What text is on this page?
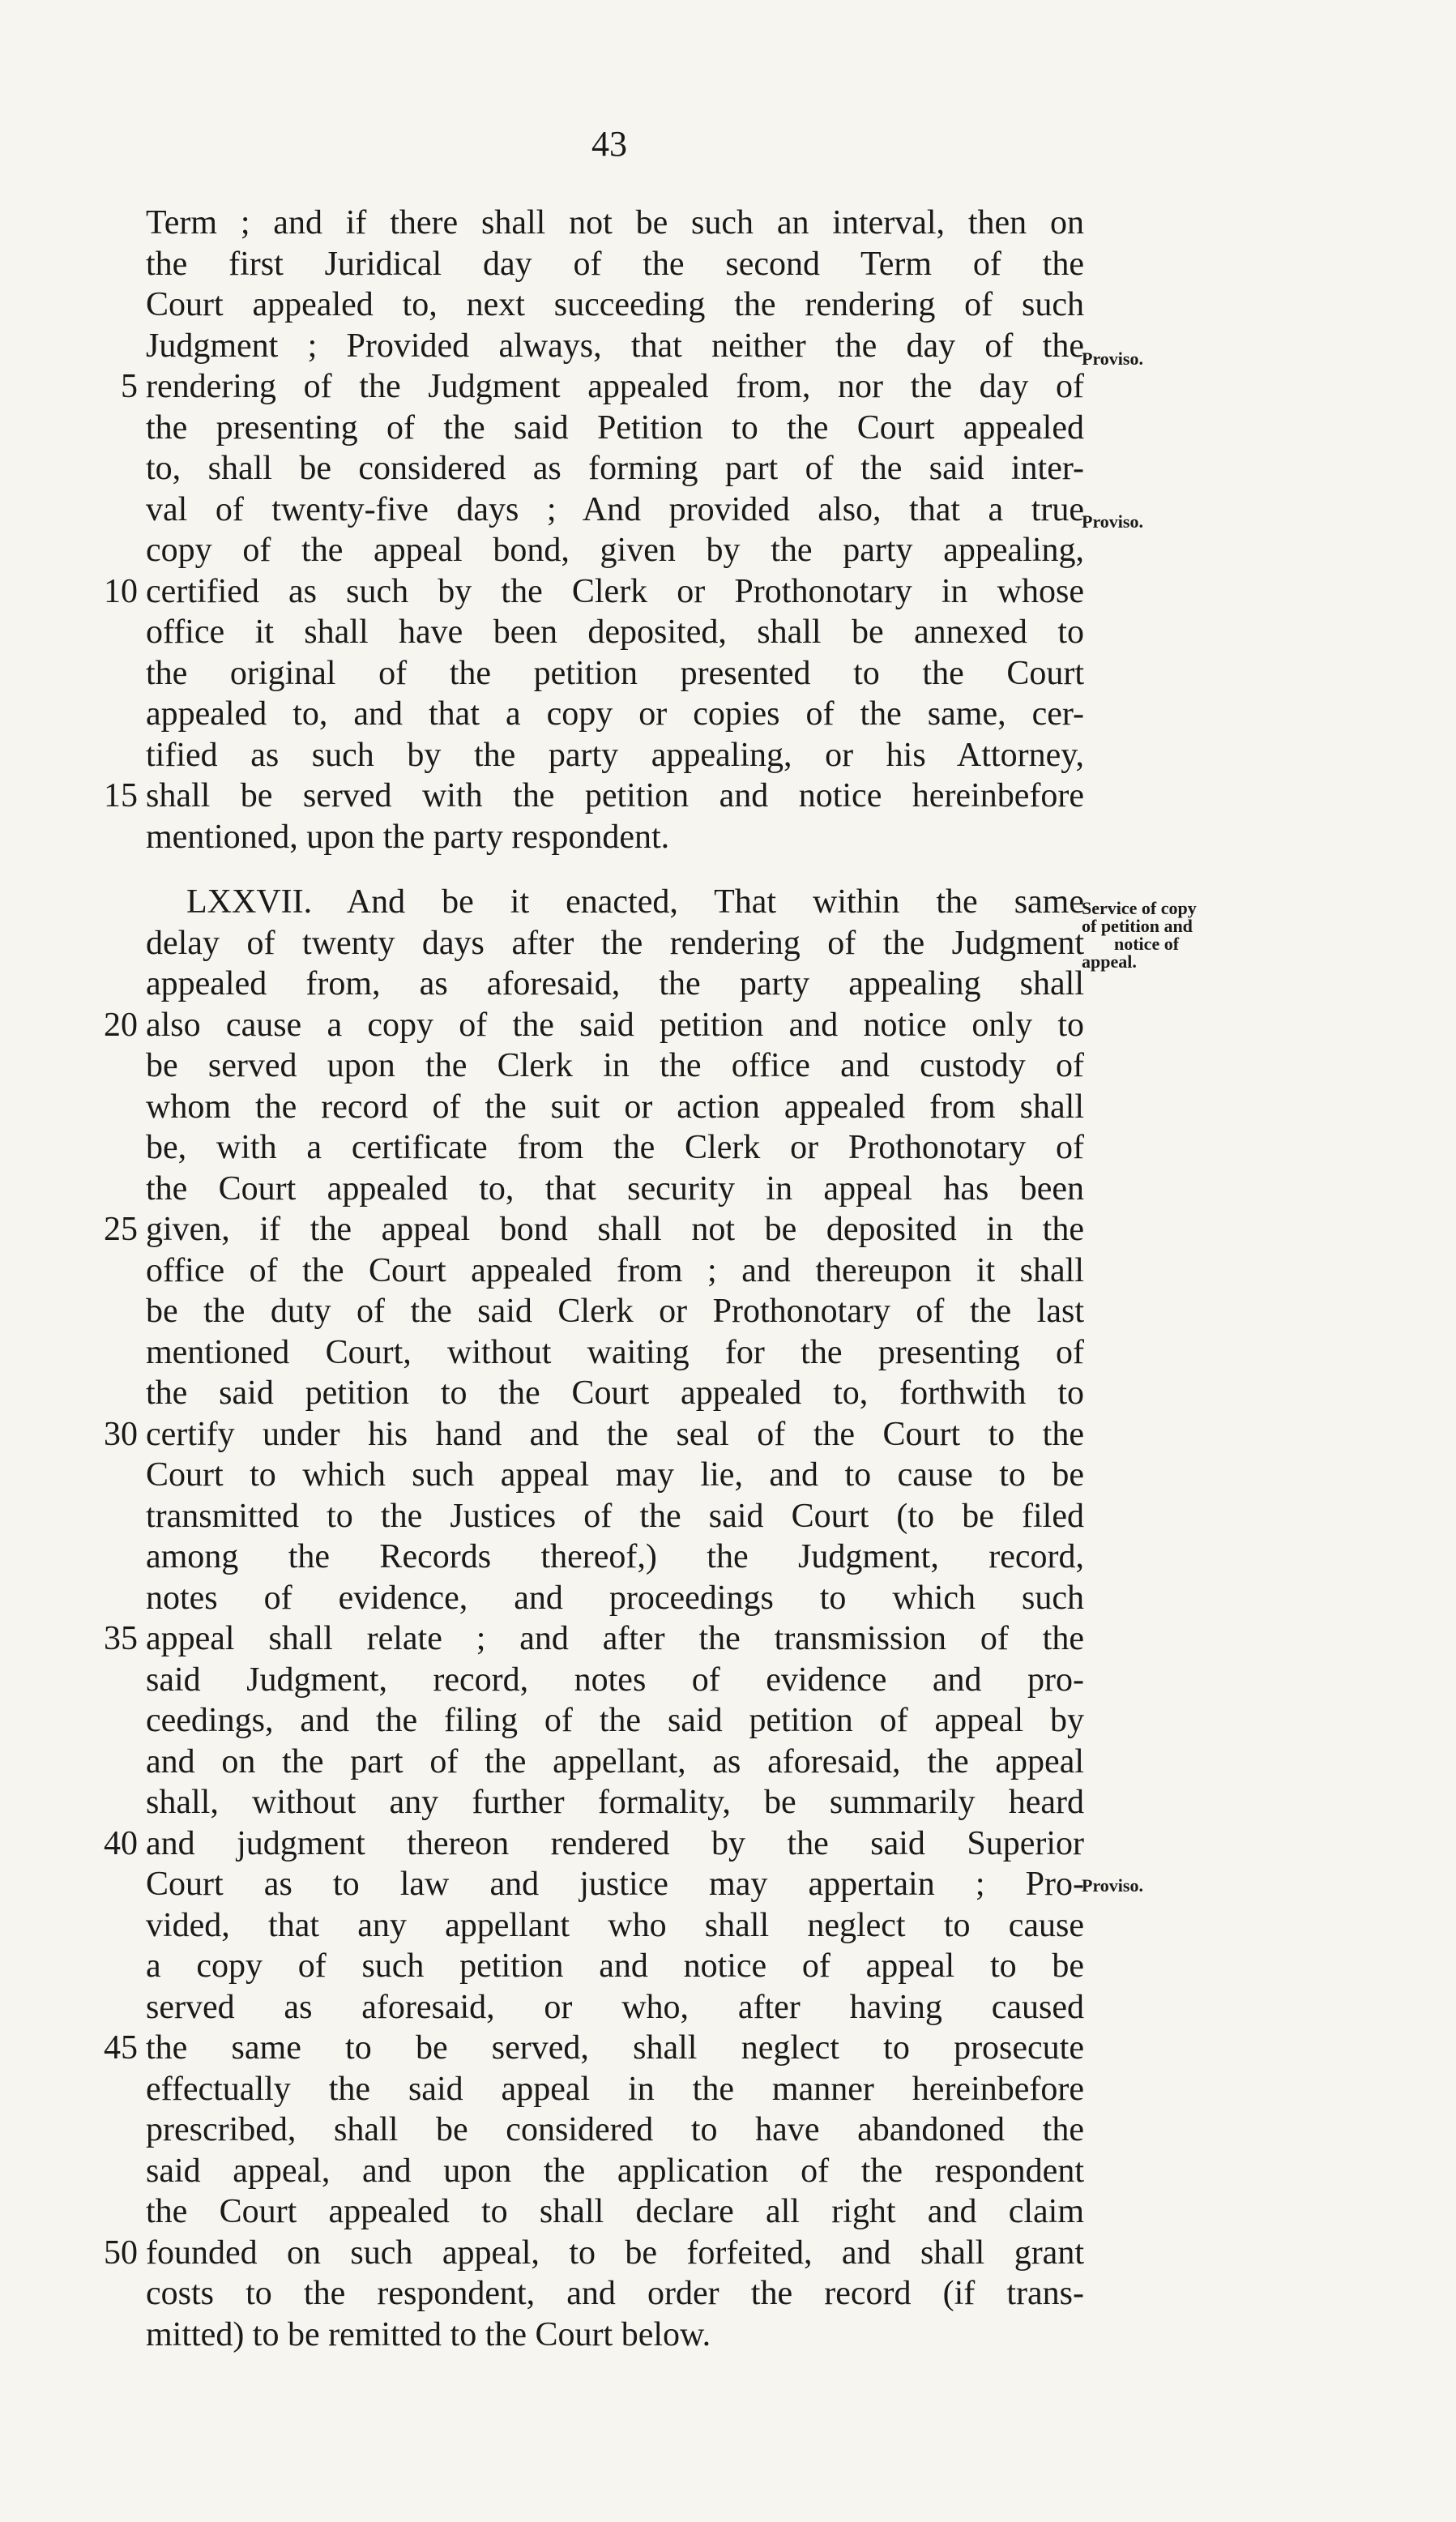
43
Term ; and if there shall not be such an interval, then on
the first Juridical day of the second Term of the
Court appealed to, next succeeding the rendering of such
Judgment ; Provided always, that neither the day of the
5 rendering of the Judgment appealed from, nor the day of
the presenting of the said Petition to the Court appealed
to, shall be considered as forming part of the said inter-
val of twenty-five days ; And provided also, that a true
copy of the appeal bond, given by the party appealing,
10 certified as such by the Clerk or Prothonotary in whose
office it shall have been deposited, shall be annexed to
the original of the petition presented to the Court
appealed to, and that a copy or copies of the same, cer-
tified as such by the party appealing, or his Attorney,
15 shall be served with the petition and notice hereinbefore
mentioned, upon the party respondent.
LXXVII. And be it enacted, That within the same
delay of twenty days after the rendering of the Judgment
appealed from, as aforesaid, the party appealing shall
20 also cause a copy of the said petition and notice only to
be served upon the Clerk in the office and custody of
whom the record of the suit or action appealed from shall
be, with a certificate from the Clerk or Prothonotary of
the Court appealed to, that security in appeal has been
25 given, if the appeal bond shall not be deposited in the
office of the Court appealed from ; and thereupon it shall
be the duty of the said Clerk or Prothonotary of the last
mentioned Court, without waiting for the presenting of
the said petition to the Court appealed to, forthwith to
30 certify under his hand and the seal of the Court to the
Court to which such appeal may lie, and to cause to be
transmitted to the Justices of the said Court (to be filed
among the Records thereof,) the Judgment, record,
notes of evidence, and proceedings to which such
35 appeal shall relate ; and after the transmission of the
said Judgment, record, notes of evidence and pro-
ceedings, and the filing of the said petition of appeal by
and on the part of the appellant, as aforesaid, the appeal
shall, without any further formality, be summarily heard
40 and judgment thereon rendered by the said Superior
Court as to law and justice may appertain ; Pro-
vided, that any appellant who shall neglect to cause
a copy of such petition and notice of appeal to be
served as aforesaid, or who, after having caused
45 the same to be served, shall neglect to prosecute
effectually the said appeal in the manner hereinbefore
prescribed, shall be considered to have abandoned the
said appeal, and upon the application of the respondent
the Court appealed to shall declare all right and claim
50 founded on such appeal, to be forfeited, and shall grant
costs to the respondent, and order the record (if trans-
mitted) to be remitted to the Court below.
Proviso.
Proviso.
Service of copy
of petition and
notice of
appeal.
Proviso.
